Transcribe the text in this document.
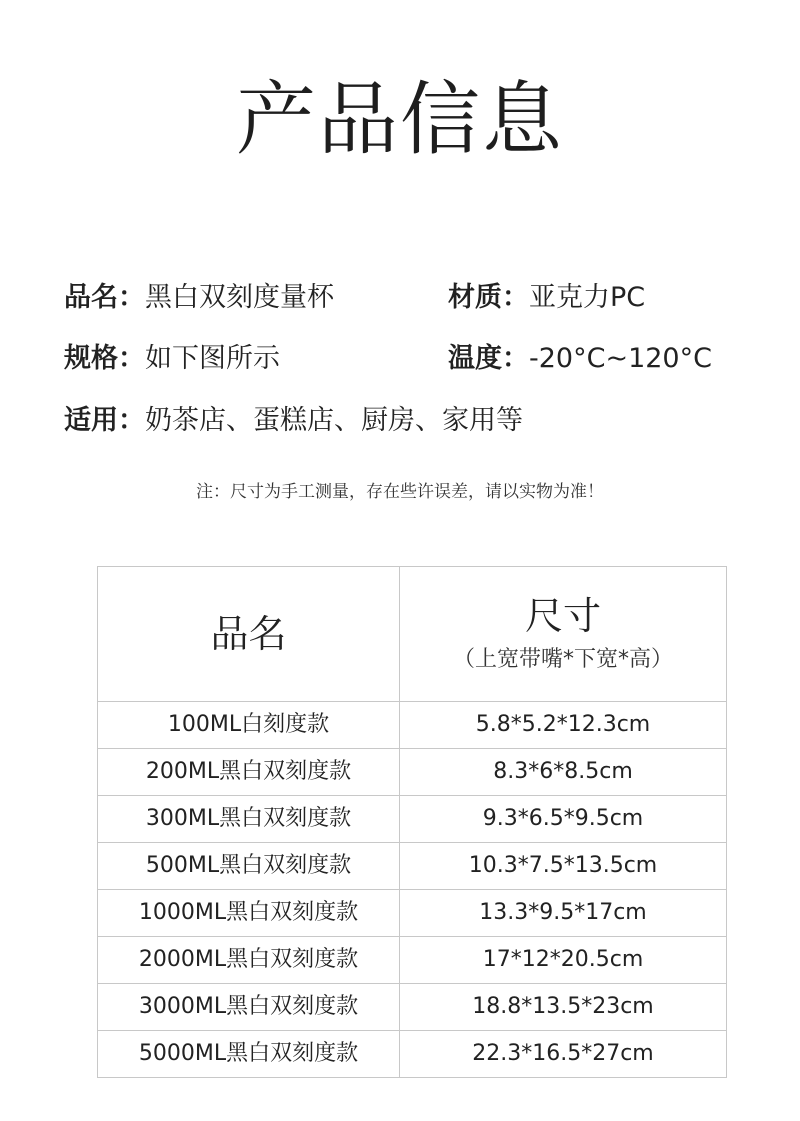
产品信息
品名：黑白双刻度量杯	材质：亚克力PC
规格：如下图所示	温度：-20°C~120°C
适用：奶茶店、蛋糕店、厨房、家用等
注：尺寸为手工测量，存在些许误差，请以实物为准！
品名	尺寸
（上宽带嘴*下宽*高）

100ML白刻度款	5.8*5.2*12.3cm
200ML黑白双刻度款	8.3*6*8.5cm
300ML黑白双刻度款	9.3*6.5*9.5cm
500ML黑白双刻度款	10.3*7.5*13.5cm
1000ML黑白双刻度款	13.3*9.5*17cm
2000ML黑白双刻度款	17*12*20.5cm
3000ML黑白双刻度款	18.8*13.5*23cm
5000ML黑白双刻度款	22.3*16.5*27cm
